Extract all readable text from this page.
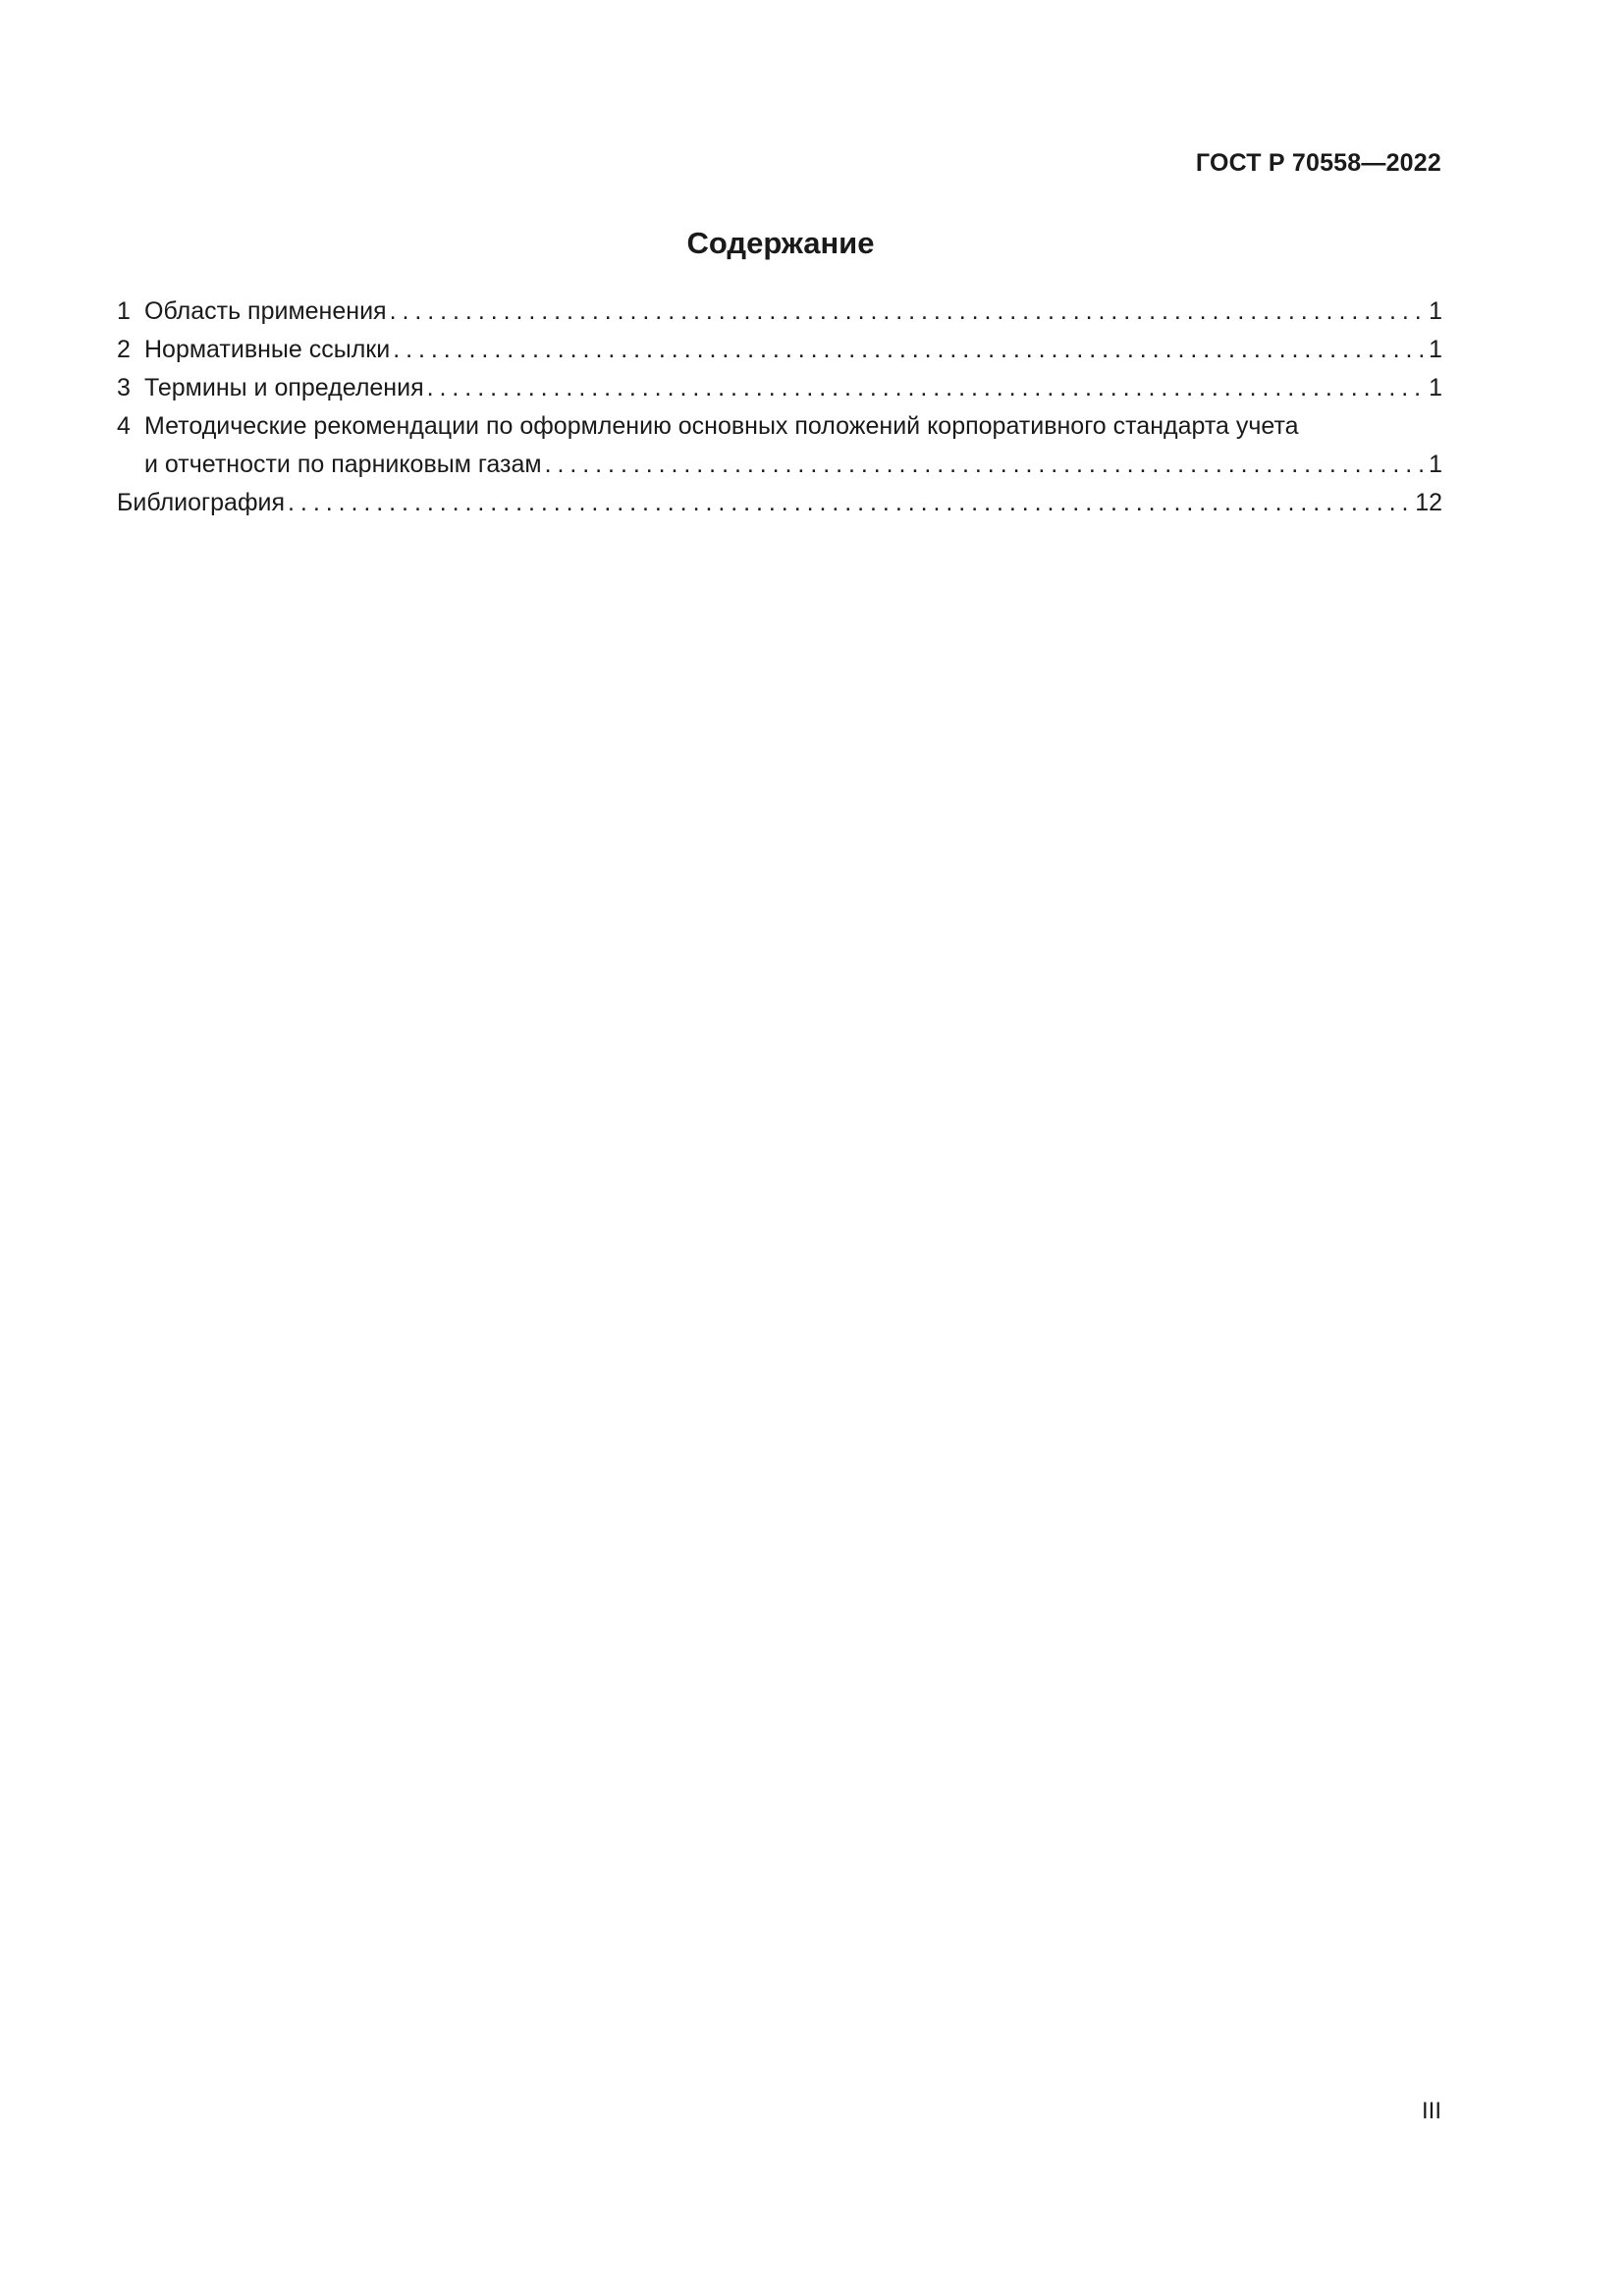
ГОСТ Р 70558—2022
Содержание
1 Область применения . . .	1
2 Нормативные ссылки . . .	1
3 Термины и определения . . .	1
4 Методические рекомендации по оформлению основных положений корпоративного стандарта учета
и отчетности по парниковым газам . . .	1
Библиография . . .	12
III
